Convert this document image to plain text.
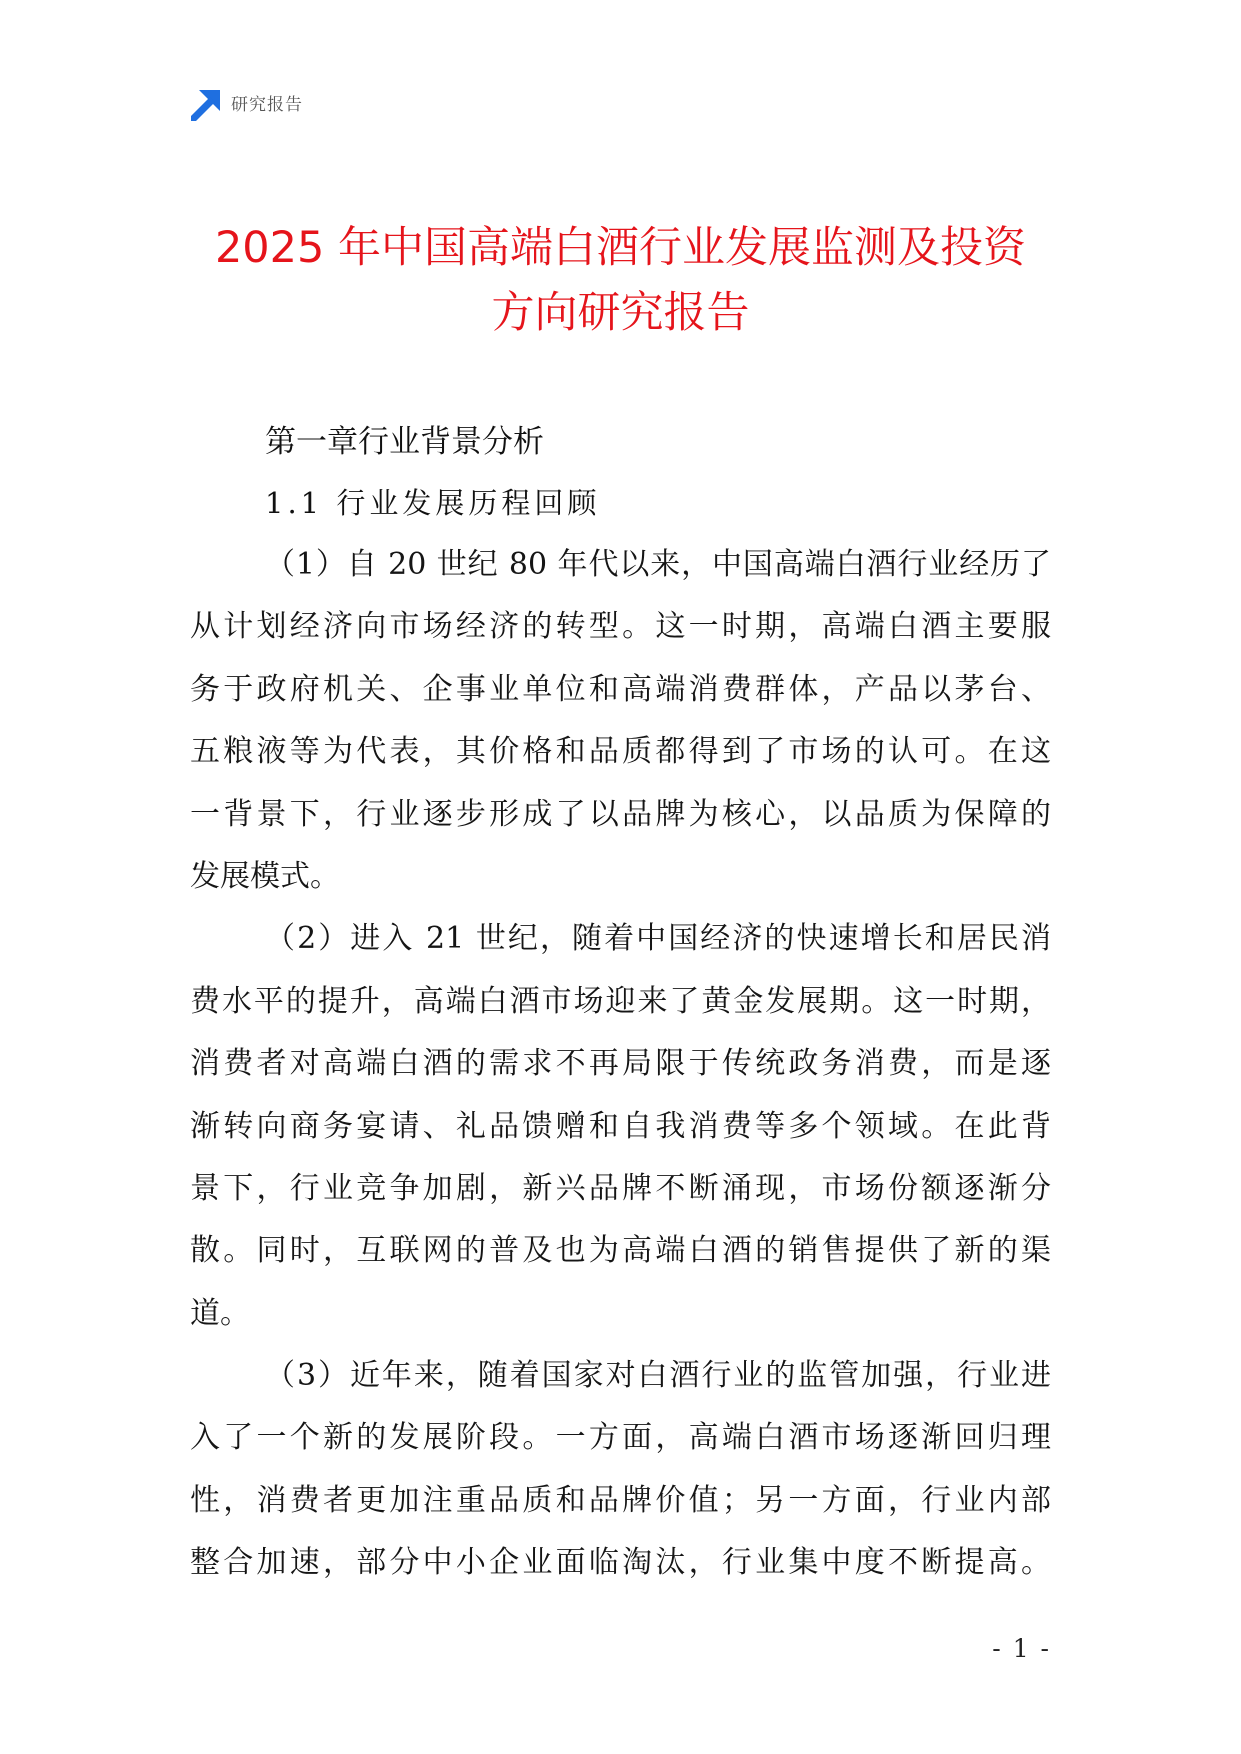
研究报告
2025 年中国高端白酒行业发展监测及投资
方向研究报告
第一章行业背景分析
1.1 行业发展历程回顾
（1）自 20 世纪 80 年代以来，中国高端白酒行业经历了
从计划经济向市场经济的转型。这一时期，高端白酒主要服
务于政府机关、企事业单位和高端消费群体，产品以茅台、
五粮液等为代表，其价格和品质都得到了市场的认可。在这
一背景下，行业逐步形成了以品牌为核心，以品质为保障的
发展模式。
（2）进入 21 世纪，随着中国经济的快速增长和居民消
费水平的提升，高端白酒市场迎来了黄金发展期。这一时期，
消费者对高端白酒的需求不再局限于传统政务消费，而是逐
渐转向商务宴请、礼品馈赠和自我消费等多个领域。在此背
景下，行业竞争加剧，新兴品牌不断涌现，市场份额逐渐分
散。同时，互联网的普及也为高端白酒的销售提供了新的渠
道。
（3）近年来，随着国家对白酒行业的监管加强，行业进
入了一个新的发展阶段。一方面，高端白酒市场逐渐回归理
性，消费者更加注重品质和品牌价值；另一方面，行业内部
整合加速，部分中小企业面临淘汰，行业集中度不断提高。
- 1 -
